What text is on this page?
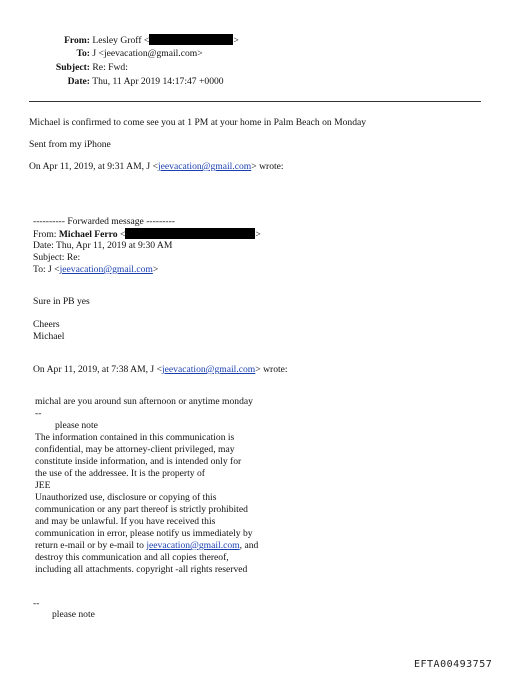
From: Lesley Groff <	>
To: J <jeevacation@gmail.com>
Subject: Re: Fwd:
Date: Thu, 11 Apr 2019 14:17:47 +0000
Michael is confirmed to come see you at 1 PM at your home in Palm Beach on Monday
Sent from my iPhone
On Apr 11, 2019, at 9:31 AM, J <jeevacation@gmail.com> wrote:
---------- Forwarded message ---------
From: Michael Ferro <	>
Date: Thu, Apr 11, 2019 at 9:30 AM
Subject: Re:
To: J <jeevacation@gmail.com>
Sure in PB yes
Cheers
Michael
On Apr 11, 2019, at 7:38 AM, J <jeevacation@gmail.com> wrote:
michal are you around sun afternoon or anytime monday
--
please note
The information contained in this communication is
confidential, may be attorney-client privileged, may
constitute inside information, and is intended only for
the use of the addressee. It is the property of
JEE
Unauthorized use, disclosure or copying of this
communication or any part thereof is strictly prohibited
and may be unlawful. If you have received this
communication in error, please notify us immediately by
return e-mail or by e-mail to jeevacation@gmail.com, and
destroy this communication and all copies thereof,
including all attachments. copyright -all rights reserved
--
please note
EFTA00493757
